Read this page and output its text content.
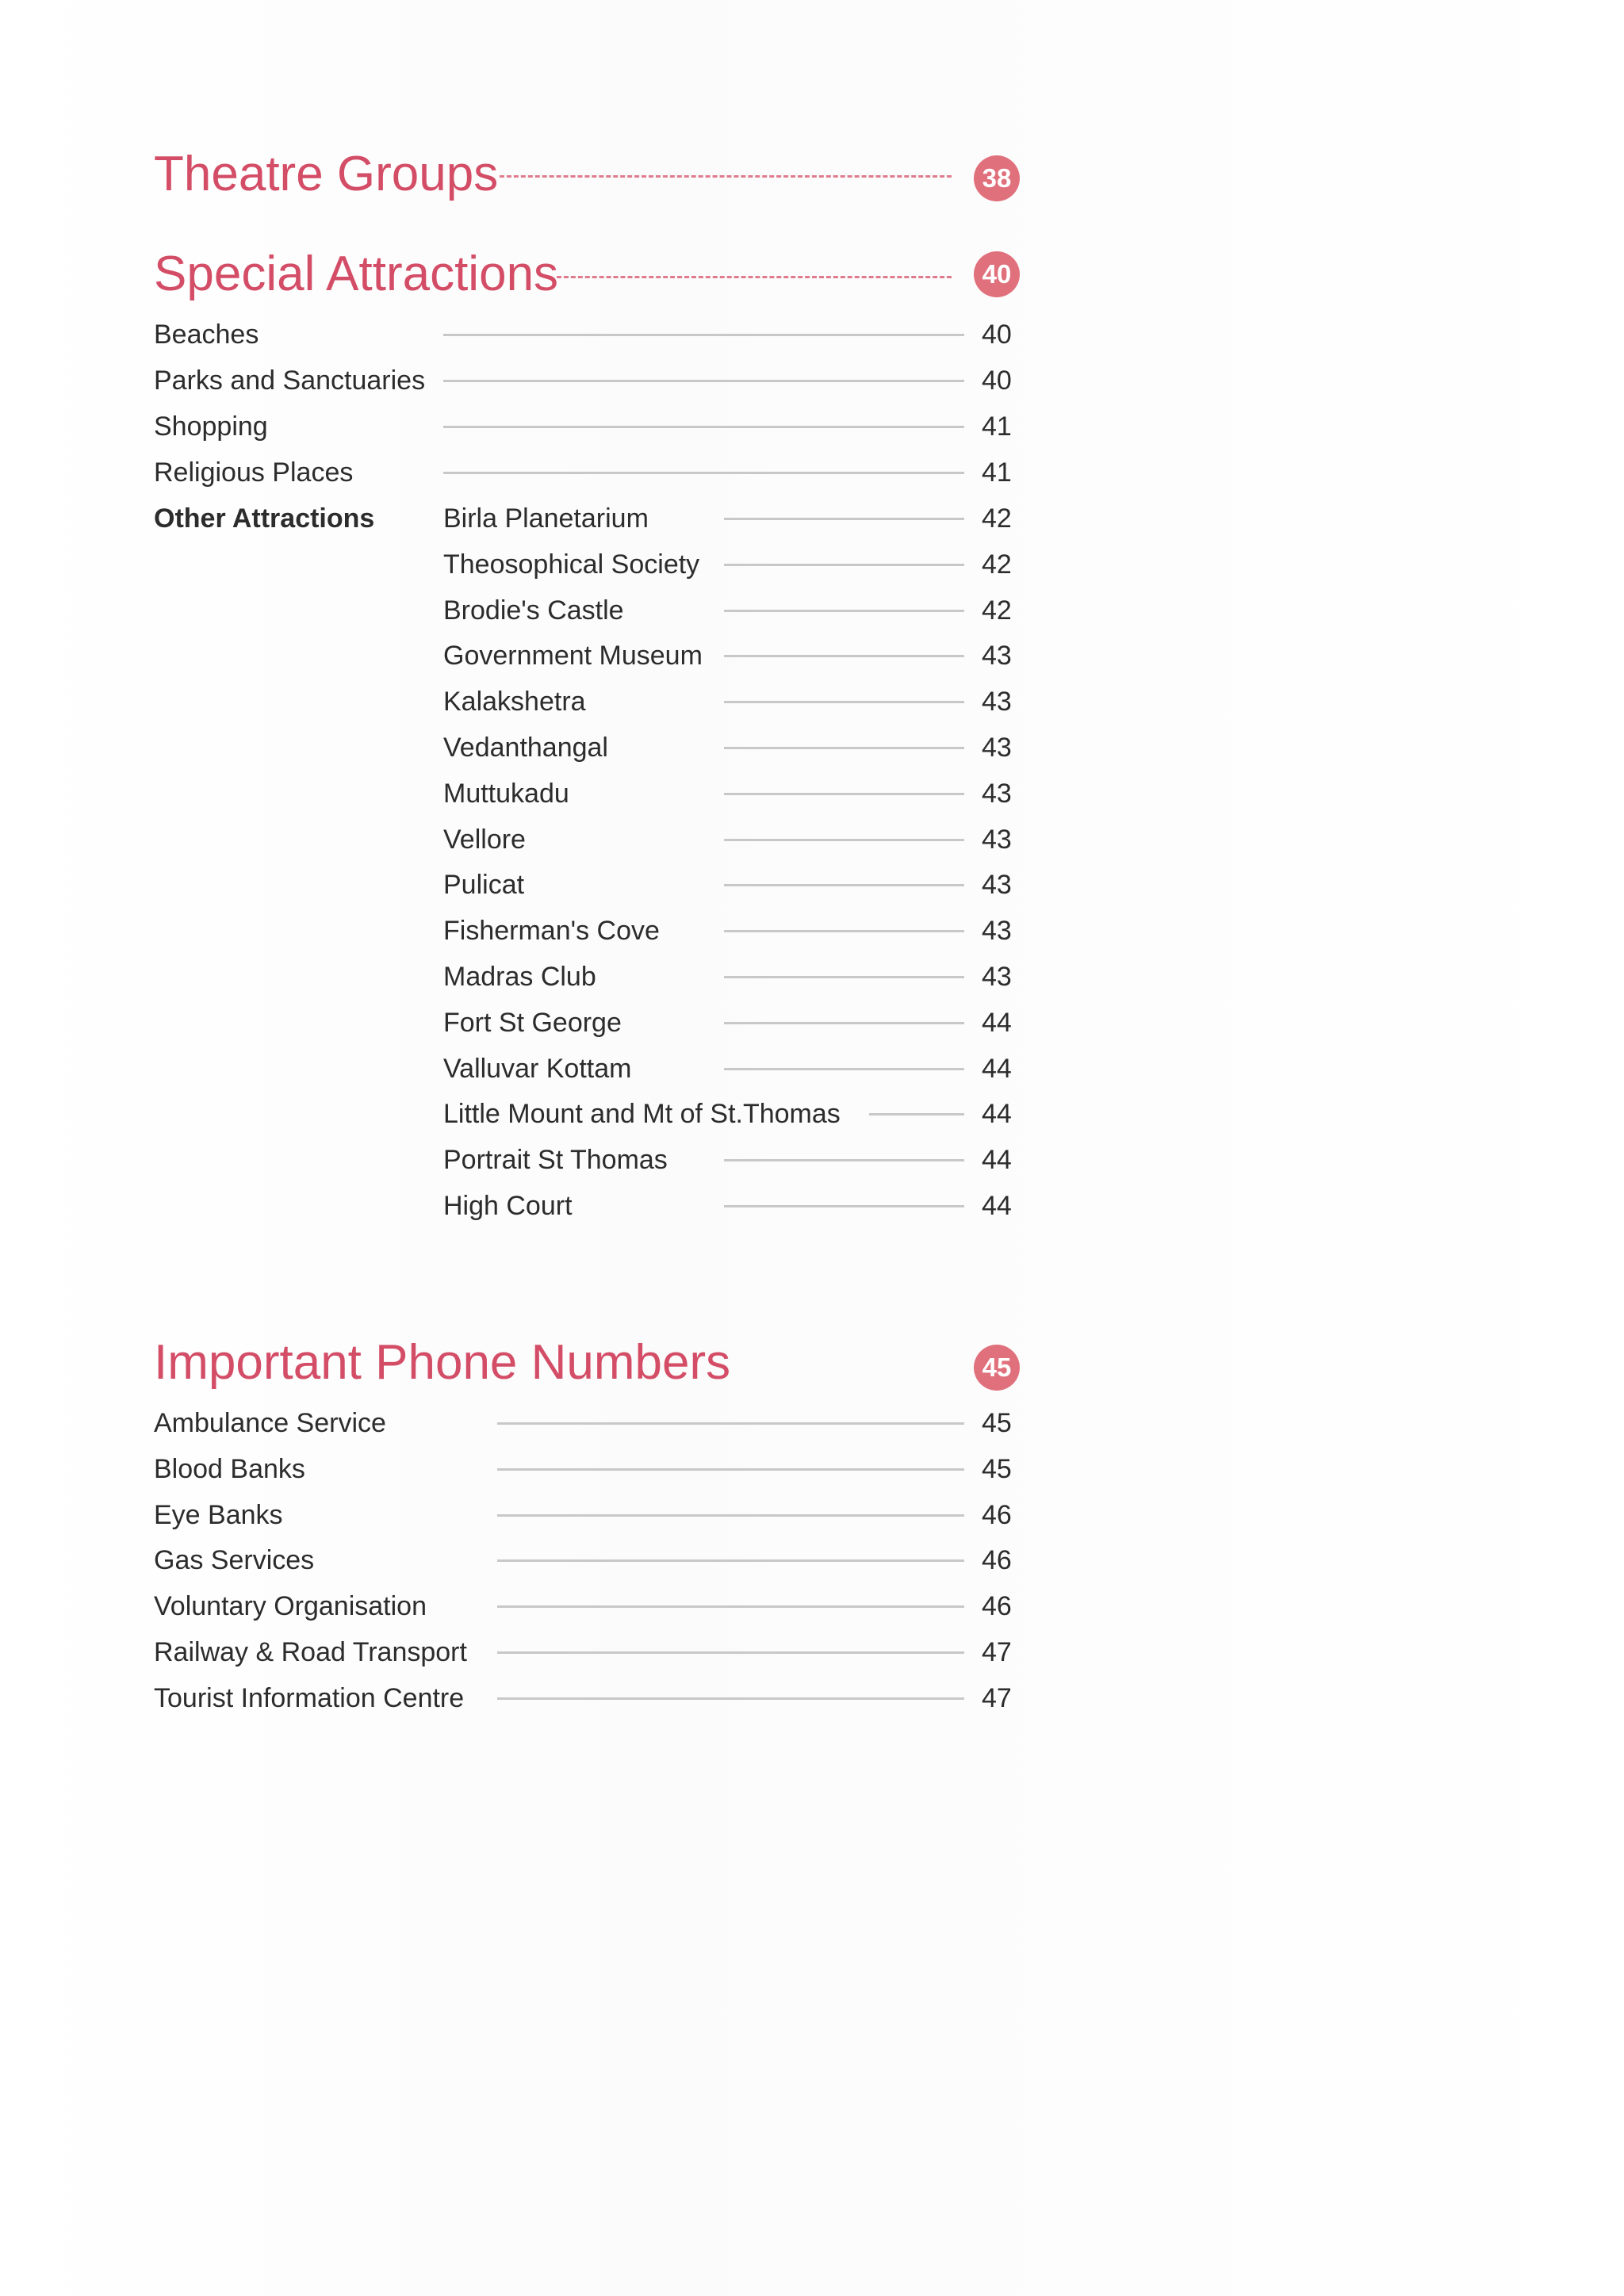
Theatre Groups	38
Special Attractions	40
Beaches	40
Parks and Sanctuaries	40
Shopping	41
Religious Places	41
Other Attractions	Birla Planetarium	42
Theosophical Society	42
Brodie's Castle	42
Government Museum	43
Kalakshetra	43
Vedanthangal	43
Muttukadu	43
Vellore	43
Pulicat	43
Fisherman's Cove	43
Madras Club	43
Fort St George	44
Valluvar Kottam	44
Little Mount and Mt of St.Thomas	44
Portrait St Thomas	44
High Court	44
Important Phone Numbers	45
Ambulance Service	45
Blood Banks	45
Eye Banks	46
Gas Services	46
Voluntary Organisation	46
Railway & Road Transport	47
Tourist Information Centre	47
